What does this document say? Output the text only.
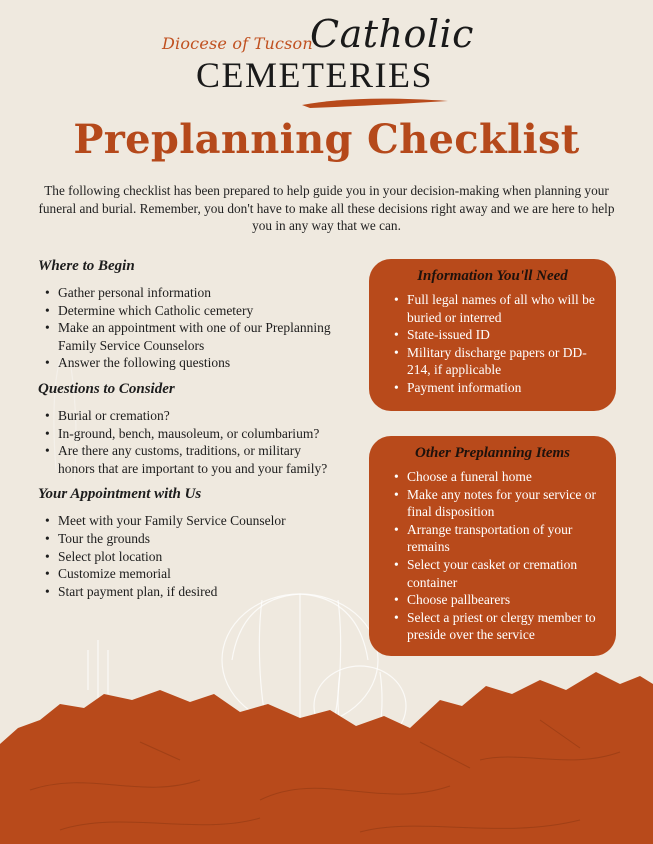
Diocese of Tucson
Catholic
CEMETERIES
Preplanning Checklist

The following checklist has been prepared to help guide you in your decision-making when planning your funeral and burial. Remember, you don't have to make all these decisions right away and we are here to help you in any way that we can.

Where to Begin
• Gather personal information
• Determine which Catholic cemetery
• Make an appointment with one of our Preplanning Family Service Counselors
• Answer the following questions
Questions to Consider
• Burial or cremation?
• In-ground, bench, mausoleum, or columbarium?
• Are there any customs, traditions, or military honors that are important to you and your family?
Your Appointment with Us
• Meet with your Family Service Counselor
• Tour the grounds
• Select plot location
• Customize memorial
• Start payment plan, if desired
Information You'll Need
• Full legal names of all who will be buried or interred
• State-issued ID
• Military discharge papers or DD-214, if applicable
• Payment information
Other Preplanning Items
• Choose a funeral home
• Make any notes for your service or final disposition
• Arrange transportation of your remains
• Select your casket or cremation container
• Choose pallbearers
• Select a priest or clergy member to preside over the service
